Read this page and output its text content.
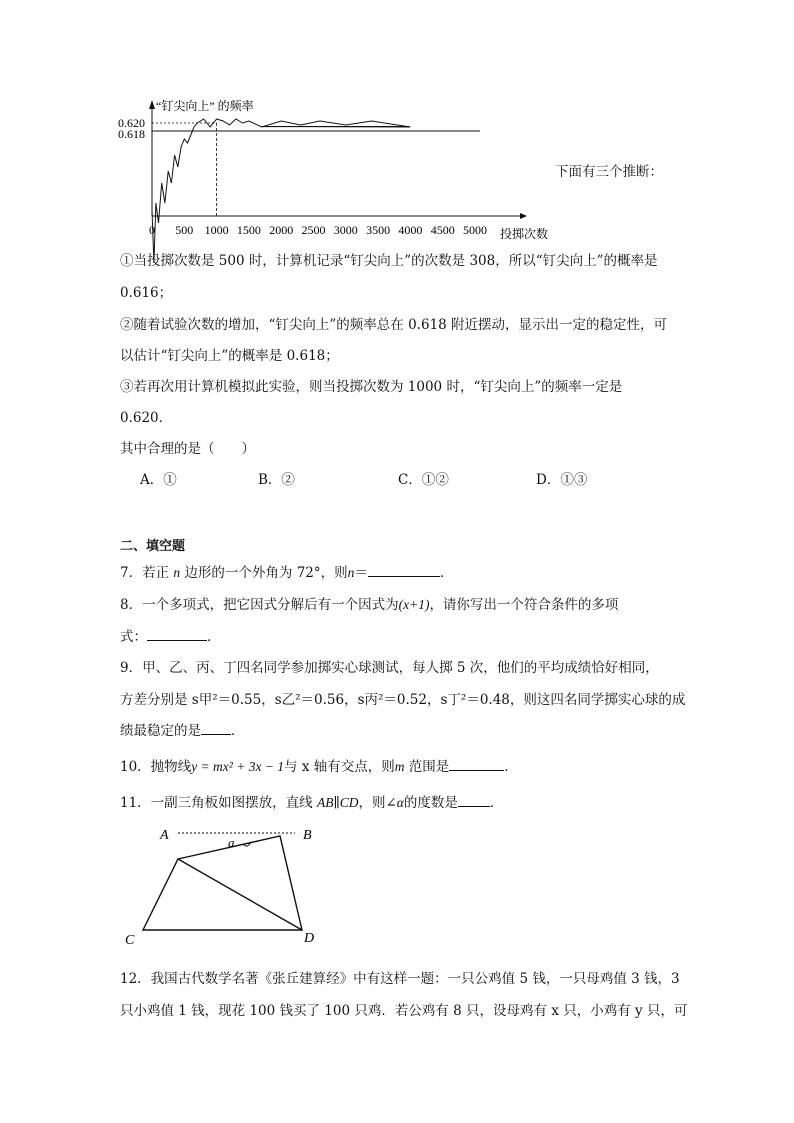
0.620
0.618
0 500 1000 1500 2000 2500 3000 3500 4000 4500 5000
“钉尖向上” 的频率
投掷次数
下面有三个推断：
①当投掷次数是 500 时，计算机记录“钉尖向上”的次数是 308，所以“钉尖向上”的概率是
0.616；
②随着试验次数的增加，“钉尖向上”的频率总在 0.618 附近摆动，显示出一定的稳定性，可
以估计“钉尖向上”的概率是 0.618；
③若再次用计算机模拟此实验，则当投掷次数为 1000 时，“钉尖向上”的频率一定是
0.620．
其中合理的是（　　）
A．①	B．②	C．①②	D．①③
二、填空题
7．若正 n 边形的一个外角为 72°，则n＝	．
8．一个多项式，把它因式分解后有一个因式为(x+1)，请你写出一个符合条件的多项
式：	．
9．甲、乙、丙、丁四名同学参加掷实心球测试，每人掷 5 次，他们的平均成绩恰好相同，
方差分别是 s甲²＝0.55，s乙²＝0.56，s丙²＝0.52，s丁²＝0.48，则这四名同学掷实心球的成
绩最稳定的是 ．
10．抛物线y = mx² + 3x − 1与 x 轴有交点，则m 范围是	．
11．一副三角板如图摆放，直线 AB∥CD，则∠α的度数是 ．
A	B
C	D
a
12．我国古代数学名著《张丘建算经》中有这样一题：一只公鸡值 5 钱，一只母鸡值 3 钱，3
只小鸡值 1 钱，现花 100 钱买了 100 只鸡．若公鸡有 8 只，设母鸡有 x 只，小鸡有 y 只，可
